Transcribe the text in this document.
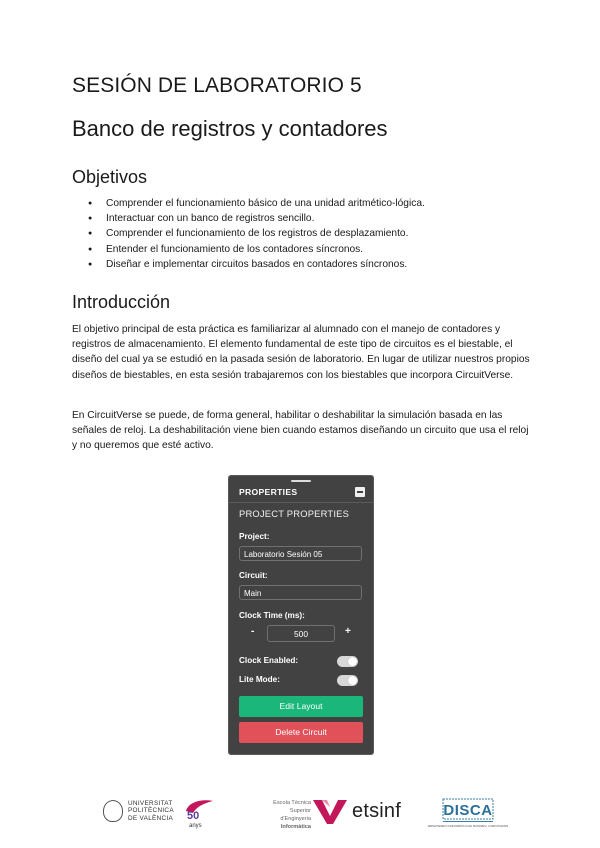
SESIÓN DE LABORATORIO 5
Banco de registros y contadores
Objetivos
● Comprender el funcionamiento básico de una unidad aritmético-lógica.
● Interactuar con un banco de registros sencillo.
● Comprender el funcionamiento de los registros de desplazamiento.
● Entender el funcionamiento de los contadores síncronos.
● Diseñar e implementar circuitos basados en contadores síncronos.
Introducción

El objetivo principal de esta práctica es familiarizar al alumnado con el manejo de contadores y registros de almacenamiento. El elemento fundamental de este tipo de circuitos es el biestable, el diseño del cual ya se estudió en la pasada sesión de laboratorio. En lugar de utilizar nuestros propios diseños de biestables, en esta sesión trabajaremos con los biestables que incorpora CircuitVerse.

En CircuitVerse se puede, de forma general, habilitar o deshabilitar la simulación basada en las señales de reloj. La deshabilitación viene bien cuando estamos diseñando un circuito que usa el reloj y no queremos que esté activo.

PROPERTIES
PROJECT PROPERTIES
Project:
Laboratorio Sesión 05
Circuit:
Main
Clock Time (ms):
-	500	+
Clock Enabled:
Lite Mode:
Edit Layout
Delete Circuit
UNIVERSITAT
POLITÈCNICA
DE VALÈNCIA 50
anys
Escola Tècnica
Superior d'Enginyeria
Informàtica
etsinf	DISCA
DEPARTAMENT D'INFORMÀTICA DE SISTEMES I COMPUTADORS
